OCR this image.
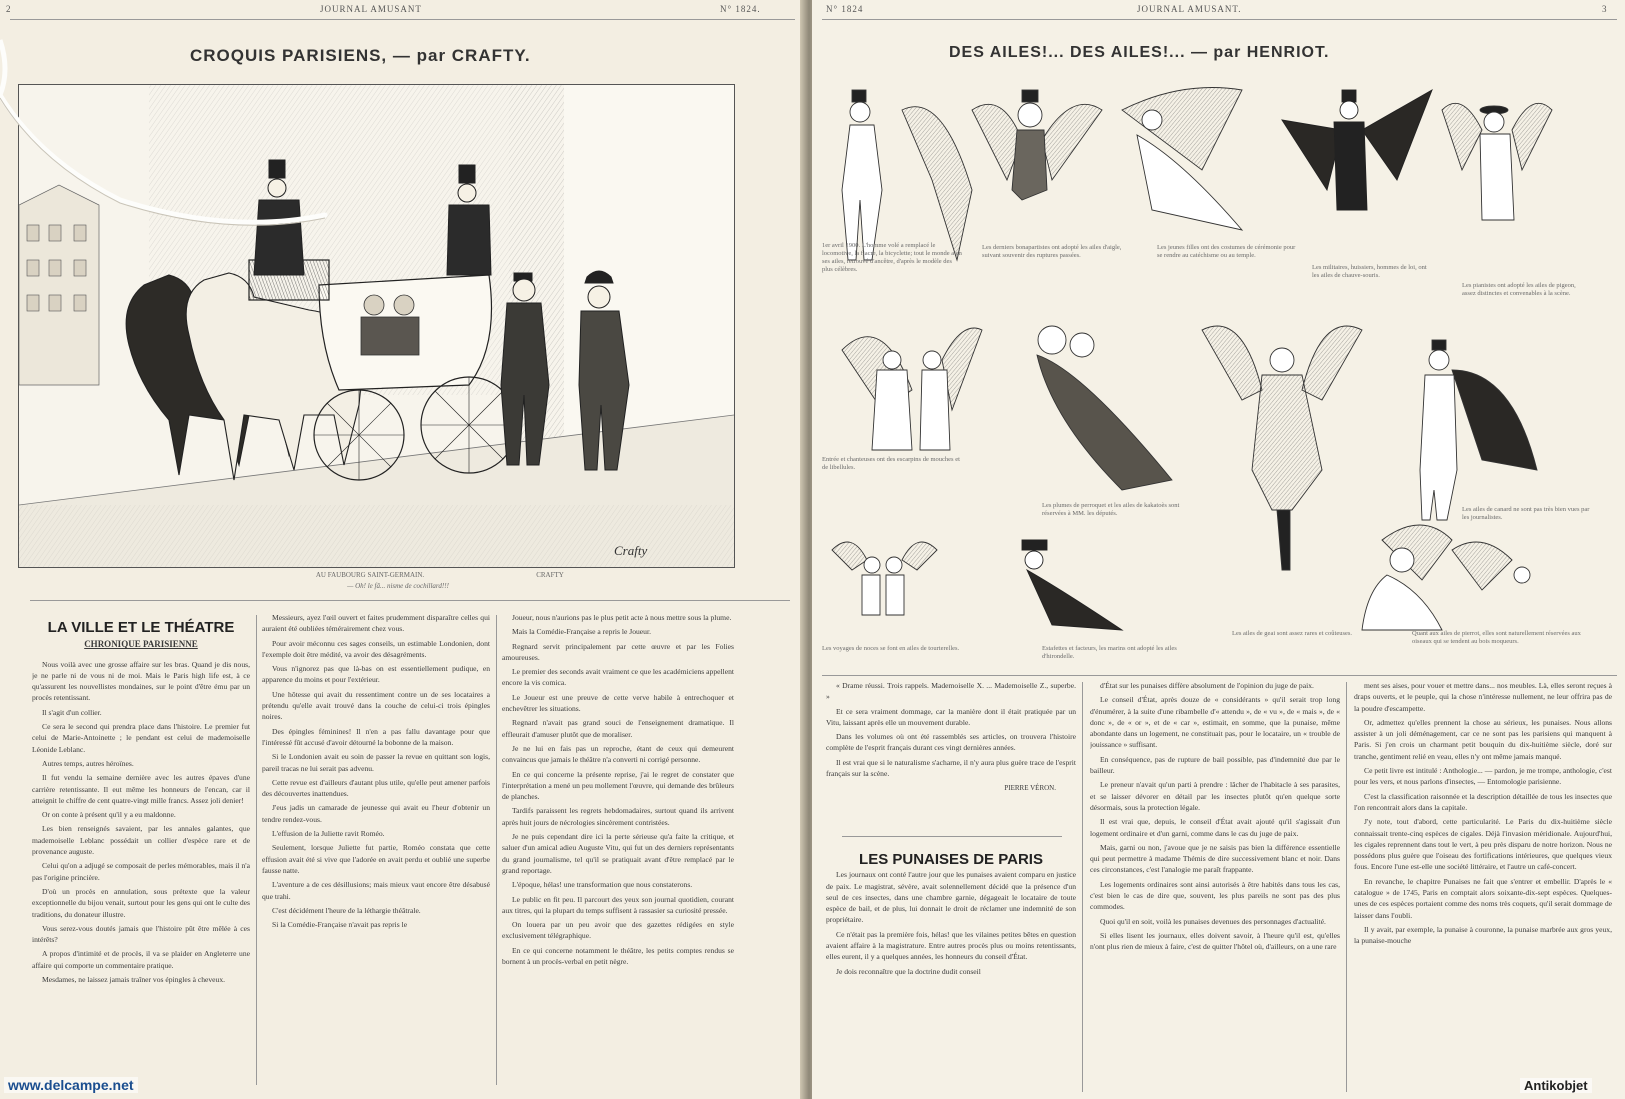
2	JOURNAL AMUSANT	N° 1824.
CROQUIS PARISIENS, — par CRAFTY.
Crafty
AU FAUBOURG SAINT-GERMAIN.
— Oh! le fâ... nisme de cochillard!!!
CRAFTY
LA VILLE ET LE THÉATRE
CHRONIQUE PARISIENNE

Nous voilà avec une grosse affaire sur les bras. Quand je dis nous, je ne parle ni de vous ni de moi. Mais le Paris high life est, à ce qu'assurent les nouvellistes mondaines, sur le point d'être ému par un procès retentissant.

Il s'agit d'un collier.

Ce sera le second qui prendra place dans l'histoire. Le premier fut celui de Marie-Antoinette ; le pendant est celui de mademoiselle Léonide Leblanc.

Autres temps, autres héroïnes.

Il fut vendu la semaine dernière avec les autres épaves d'une carrière retentissante. Il eut même les honneurs de l'encan, car il atteignit le chiffre de cent quatre-vingt mille francs. Assez joli denier!

Or on conte à présent qu'il y a eu maldonne.

Les bien renseignés savaient, par les annales galantes, que mademoiselle Leblanc possédait un collier d'espèce rare et de provenance auguste.

Celui qu'on a adjugé se composait de perles mémorables, mais il n'a pas l'origine princière.

D'où un procès en annulation, sous prétexte que la valeur exceptionnelle du bijou venait, surtout pour les gens qui ont le culte des traditions, du donateur illustre.

Vous serez-vous doutés jamais que l'histoire pût être mêlée à ces intérêts?

A propos d'intimité et de procès, il va se plaider en Angleterre une affaire qui comporte un commentaire pratique.

Mesdames, ne laissez jamais traîner vos épingles à cheveux.

Messieurs, ayez l'œil ouvert et faites prudemment disparaître celles qui auraient été oubliées témérairement chez vous.

Pour avoir méconnu ces sages conseils, un estimable Londonien, dont l'exemple doit être médité, va avoir des désagréments.

Vous n'ignorez pas que là-bas on est essentiellement pudique, en apparence du moins et pour l'extérieur.

Une hôtesse qui avait du ressentiment contre un de ses locataires a prétendu qu'elle avait trouvé dans la couche de celui-ci trois épingles noires.

Des épingles féminines! Il n'en a pas fallu davantage pour que l'intéressé fût accusé d'avoir détourné la bobonne de la maison.

Si le Londonien avait eu soin de passer la revue en quittant son logis, pareil tracas ne lui serait pas advenu.

Cette revue est d'ailleurs d'autant plus utile, qu'elle peut amener parfois des découvertes inattendues.

J'eus jadis un camarade de jeunesse qui avait eu l'heur d'obtenir un tendre rendez-vous.

L'effusion de la Juliette ravit Roméo.

Seulement, lorsque Juliette fut partie, Roméo constata que cette effusion avait été si vive que l'adorée en avait perdu et oublié une superbe fausse natte.

L'aventure a de ces désillusions; mais mieux vaut encore être désabusé que trahi.

C'est décidément l'heure de la léthargie théâtrale.

Si la Comédie-Française n'avait pas repris le

Joueur, nous n'aurions pas le plus petit acte à nous mettre sous la plume.

Mais la Comédie-Française a repris le Joueur.

Regnard servit principalement par cette œuvre et par les Folies amoureuses.

Le premier des seconds avait vraiment ce que les académiciens appellent encore la vis comica.

Le Joueur est une preuve de cette verve habile à entrechoquer et enchevêtrer les situations.

Regnard n'avait pas grand souci de l'enseignement dramatique. Il effleurait d'amuser plutôt que de moraliser.

Je ne lui en fais pas un reproche, étant de ceux qui demeurent convaincus que jamais le théâtre n'a converti ni corrigé personne.

En ce qui concerne la présente reprise, j'ai le regret de constater que l'interprétation a mené un peu mollement l'œuvre, qui demande des brûleurs de planches.

Tardifs paraissent les regrets hebdomadaires, surtout quand ils arrivent après huit jours de nécrologies sincèrement contristées.

Je ne puis cependant dire ici la perte sérieuse qu'a faite la critique, et saluer d'un amical adieu Auguste Vitu, qui fut un des derniers représentants du grand journalisme, tel qu'il se pratiquait avant d'être remplacé par le grand reportage.

L'époque, hélas! une transformation que nous constaterons.

Le public en fit peu. Il parcourt des yeux son journal quotidien, courant aux titres, qui la plupart du temps suffisent à rassasier sa curiosité pressée.

On louera par un peu avoir que des gazettes rédigées en style exclusivement télégraphique.

En ce qui concerne notamment le théâtre, les petits comptes rendus se bornent à un procès-verbal en petit nègre.

N° 1824	JOURNAL AMUSANT.	3
DES AILES!... DES AILES!... — par HENRIOT.
1er avril 1900. L'homme volé a remplacé le locomotive, la fiacre, la bicyclette; tout le monde a en ses ailes, retrouvé d'ancêtre, d'après le modèle des plus célèbres.
Les derniers bonapartistes ont adopté les ailes d'aigle, suivant souvenir des ruptures passées.
Les jeunes filles ont des costumes de cérémonie pour se rendre au catéchisme ou au temple.
Les militaires, huissiers, hommes de loi, ont les ailes de chauve-souris.
Les pianistes ont adopté les ailes de pigeon, assez distinctes et convenables à la scène.
Entrée et chanteuses ont des escarpins de mouches et de libellules.
Les plumes de perroquet et les ailes de kakatoès sont réservées à MM. les députés.
Les ailes de canard ne sont pas très bien vues par les journalistes.
Les voyages de noces se font en ailes de tourterelles.	Estafettes et facteurs, les marins ont adopté les ailes d'hirondelle.
Les ailes de geai sont assez rares et coûteuses.	Quant aux ailes de pierrot, elles sont naturellement réservées aux oiseaux qui se tendent au bois moqueurs.

« Drame réussi. Trois rappels. Mademoiselle X. ... Mademoiselle Z., superbe. »

Et ce sera vraiment dommage, car la manière dont il était pratiquée par un Vitu, laissant après elle un mouvement durable.

Dans les volumes où ont été rassemblés ses articles, on trouvera l'histoire complète de l'esprit français durant ces vingt dernières années.

Il est vrai que si le naturalisme s'acharne, il n'y aura plus guère trace de l'esprit français sur la scène.

PIERRE VÉRON.
LES PUNAISES DE PARIS

Les journaux ont conté l'autre jour que les punaises avaient comparu en justice de paix. Le magistrat, sévère, avait solennellement décidé que la présence d'un seul de ces insectes, dans une chambre garnie, dégageait le locataire de toute espèce de bail, et de plus, lui donnait le droit de réclamer une indemnité de son propriétaire.

Ce n'était pas la première fois, hélas! que les vilaines petites bêtes en question avaient affaire à la magistrature. Entre autres procès plus ou moins retentissants, elles eurent, il y a quelques années, les honneurs du conseil d'État.

Je dois reconnaître que la doctrine dudit conseil

d'État sur les punaises diffère absolument de l'opinion du juge de paix.

Le conseil d'État, après douze de « considérants » qu'il serait trop long d'énumérer, à la suite d'une ribambelle d'« attendu », de « vu », de « mais », de « donc », de « or », et de « car », estimait, en somme, que la punaise, même abondante dans un logement, ne constituait pas, pour le locataire, un « trouble de jouissance » suffisant.

En conséquence, pas de rupture de bail possible, pas d'indemnité due par le bailleur.

Le preneur n'avait qu'un parti à prendre : lâcher de l'habitacle à ses parasites, et se laisser dévorer en détail par les insectes plutôt qu'en quelque sorte désormais, sous la protection légale.

Il est vrai que, depuis, le conseil d'État avait ajouté qu'il s'agissait d'un logement ordinaire et d'un garni, comme dans le cas du juge de paix.

Mais, garni ou non, j'avoue que je ne saisis pas bien la différence essentielle qui peut permettre à madame Thémis de dire successivement blanc et noir. Dans ces circonstances, c'est l'analogie me paraît frappante.

Les logements ordinaires sont ainsi autorisés à être habités dans tous les cas, c'est bien le cas de dire que, souvent, les plus pareils ne sont pas des plus commodes.

Quoi qu'il en soit, voilà les punaises devenues des personnages d'actualité.

Si elles lisent les journaux, elles doivent savoir, à l'heure qu'il est, qu'elles n'ont plus rien de mieux à faire, c'est de quitter l'hôtel où, d'ailleurs, on a une rare

ment ses aises, pour vouer et mettre dans... nos meubles. Là, elles seront reçues à draps ouverts, et le peuple, qui la chose n'intéresse nullement, ne leur offrira pas de la poudre d'escampette.

Or, admettez qu'elles prennent la chose au sérieux, les punaises. Nous allons assister à un joli déménagement, car ce ne sont pas les parisiens qui manquent à Paris. Si j'en crois un charmant petit bouquin du dix-huitième siècle, doré sur tranche, gentiment relié en veau, elles n'y ont même jamais manqué.

Ce petit livre est intitulé : Anthologie... — pardon, je me trompe, anthologie, c'est pour les vers, et nous parlons d'insectes, — Entomologie parisienne.

C'est la classification raisonnée et la description détaillée de tous les insectes que l'on rencontrait alors dans la capitale.

J'y note, tout d'abord, cette particularité. Le Paris du dix-huitième siècle connaissait trente-cinq espèces de cigales. Déjà l'invasion méridionale. Aujourd'hui, les cigales reprennent dans tout le vert, à peu près disparu de notre horizon. Nous ne possédons plus guère que l'oiseau des fortifications intérieures, que quelques vieux fous. Encore l'une est-elle une société littéraire, et l'autre un café-concert.

En revanche, le chapitre Punaises ne fait que s'entrer et embellir. D'après le « catalogue » de 1745, Paris en comptait alors soixante-dix-sept espèces. Quelques-unes de ces espèces portaient comme des noms très coquets, qu'il serait dommage de laisser dans l'oubli.

Il y avait, par exemple, la punaise à couronne, la punaise marbrée aux gros yeux, la punaise-mouche

www.delcampe.net	Antikobjet
